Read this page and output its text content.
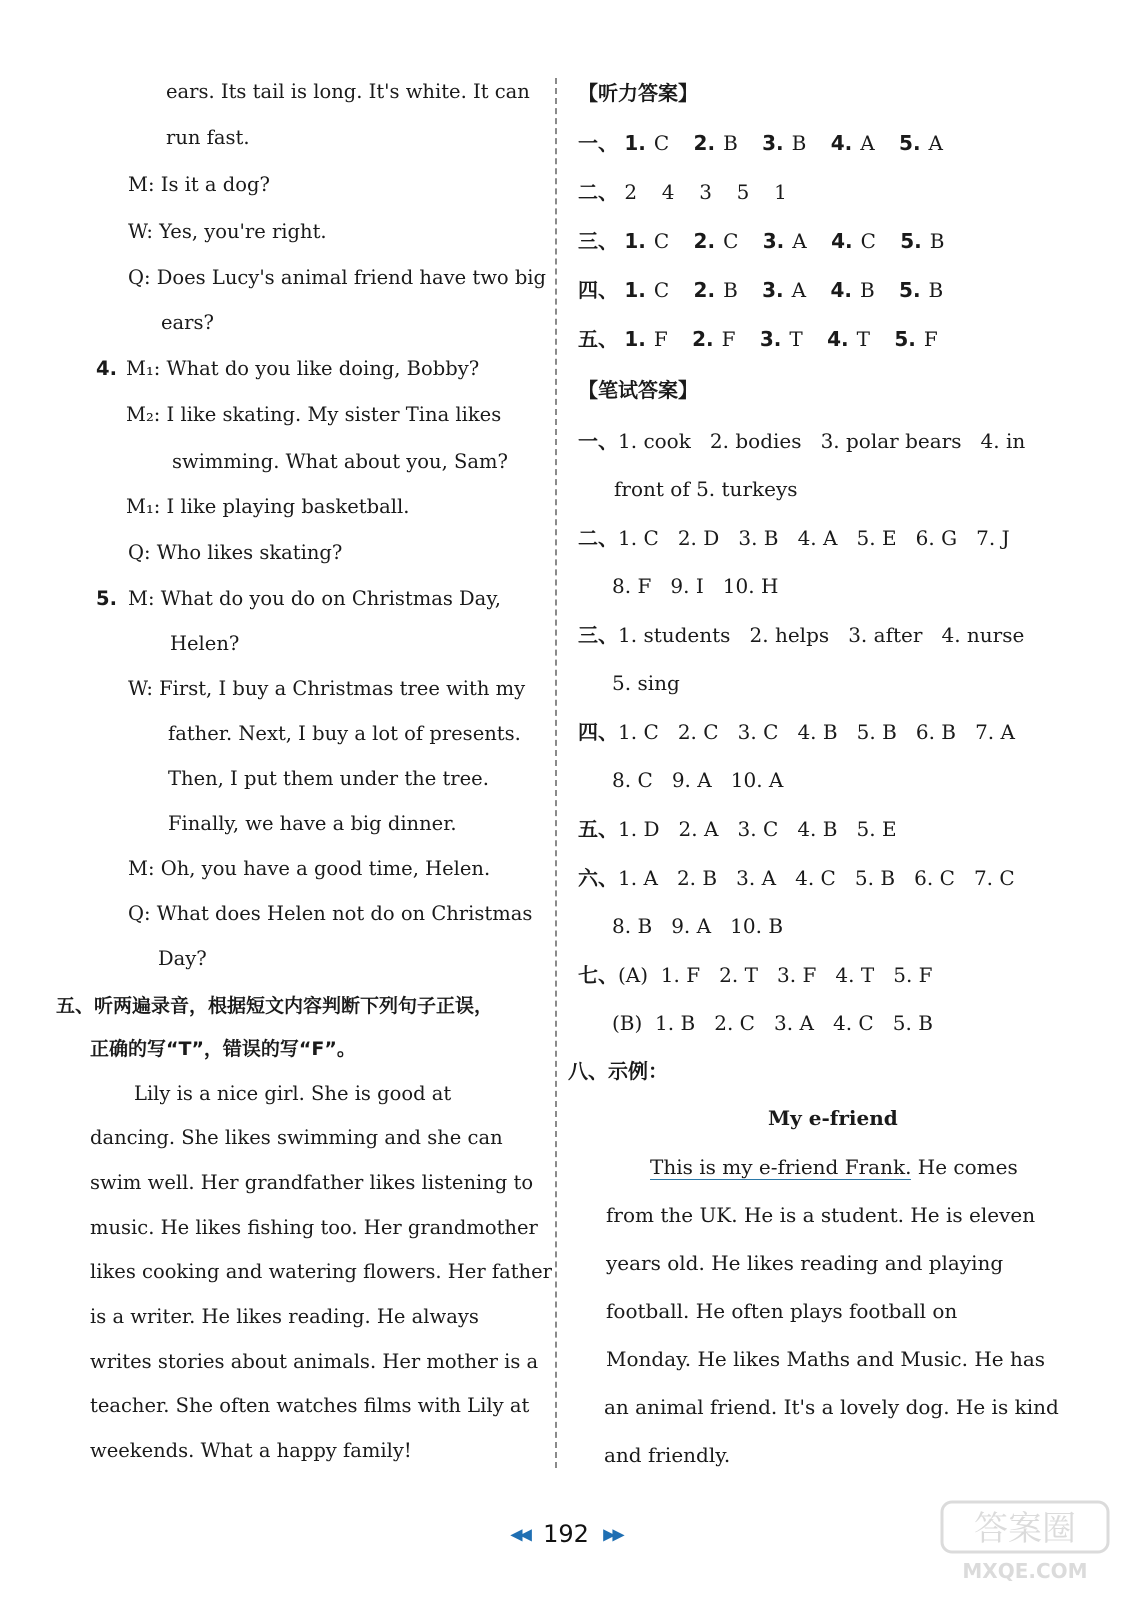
ears. Its tail is long. It's white. It can
run fast.
M: Is it a dog?
W: Yes, you're right.
Q: Does Lucy's animal friend have two big
ears?
4. M₁: What do you like doing, Bobby?
M₂: I like skating. My sister Tina likes
swimming. What about you, Sam?
M₁: I like playing basketball.
Q: Who likes skating?
5. M: What do you do on Christmas Day,
Helen?
W: First, I buy a Christmas tree with my
father. Next, I buy a lot of presents.
Then, I put them under the tree.
Finally, we have a big dinner.
M: Oh, you have a good time, Helen.
Q: What does Helen not do on Christmas
Day?
五、听两遍录音，根据短文内容判断下列句子正误，
正确的写“T”，错误的写“F”。
Lily is a nice girl. She is good at
dancing. She likes swimming and she can
swim well. Her grandfather likes listening to
music. He likes fishing too. Her grandmother
likes cooking and watering flowers. Her father
is a writer. He likes reading. He always
writes stories about animals. Her mother is a
teacher. She often watches films with Lily at
weekends. What a happy family!
【听力答案】
一、 1. C 2. B 3. B 4. A 5. A
二、 2  4  3  5  1
三、 1. C 2. C 3. A 4. C 5. B
四、 1. C 2. B 3. A 4. B 5. B
五、 1. F 2. F 3. T 4. T 5. F
【笔试答案】
一、1. cook   2. bodies   3. polar bears   4. in
front of 5. turkeys
二、1. C   2. D   3. B   4. A   5. E   6. G   7. J
8. F   9. I   10. H
三、1. students   2. helps   3. after   4. nurse
5. sing
四、1. C   2. C   3. C   4. B   5. B   6. B   7. A
8. C   9. A   10. A
五、1. D   2. A   3. C   4. B   5. E
六、1. A   2. B   3. A   4. C   5. B   6. C   7. C
8. B   9. A   10. B
七、(A)  1. F   2. T   3. F   4. T   5. F
(B)  1. B   2. C   3. A   4. C   5. B
八、示例：
My e-friend
This is my e-friend Frank. He comes
from the UK. He is a student. He is eleven
years old. He likes reading and playing
football. He often plays football on
Monday. He likes Maths and Music. He has
an animal friend. It's a lovely dog. He is kind
and friendly.
◀◀ 192 ▶▶	答案圈
MXQE.COM
